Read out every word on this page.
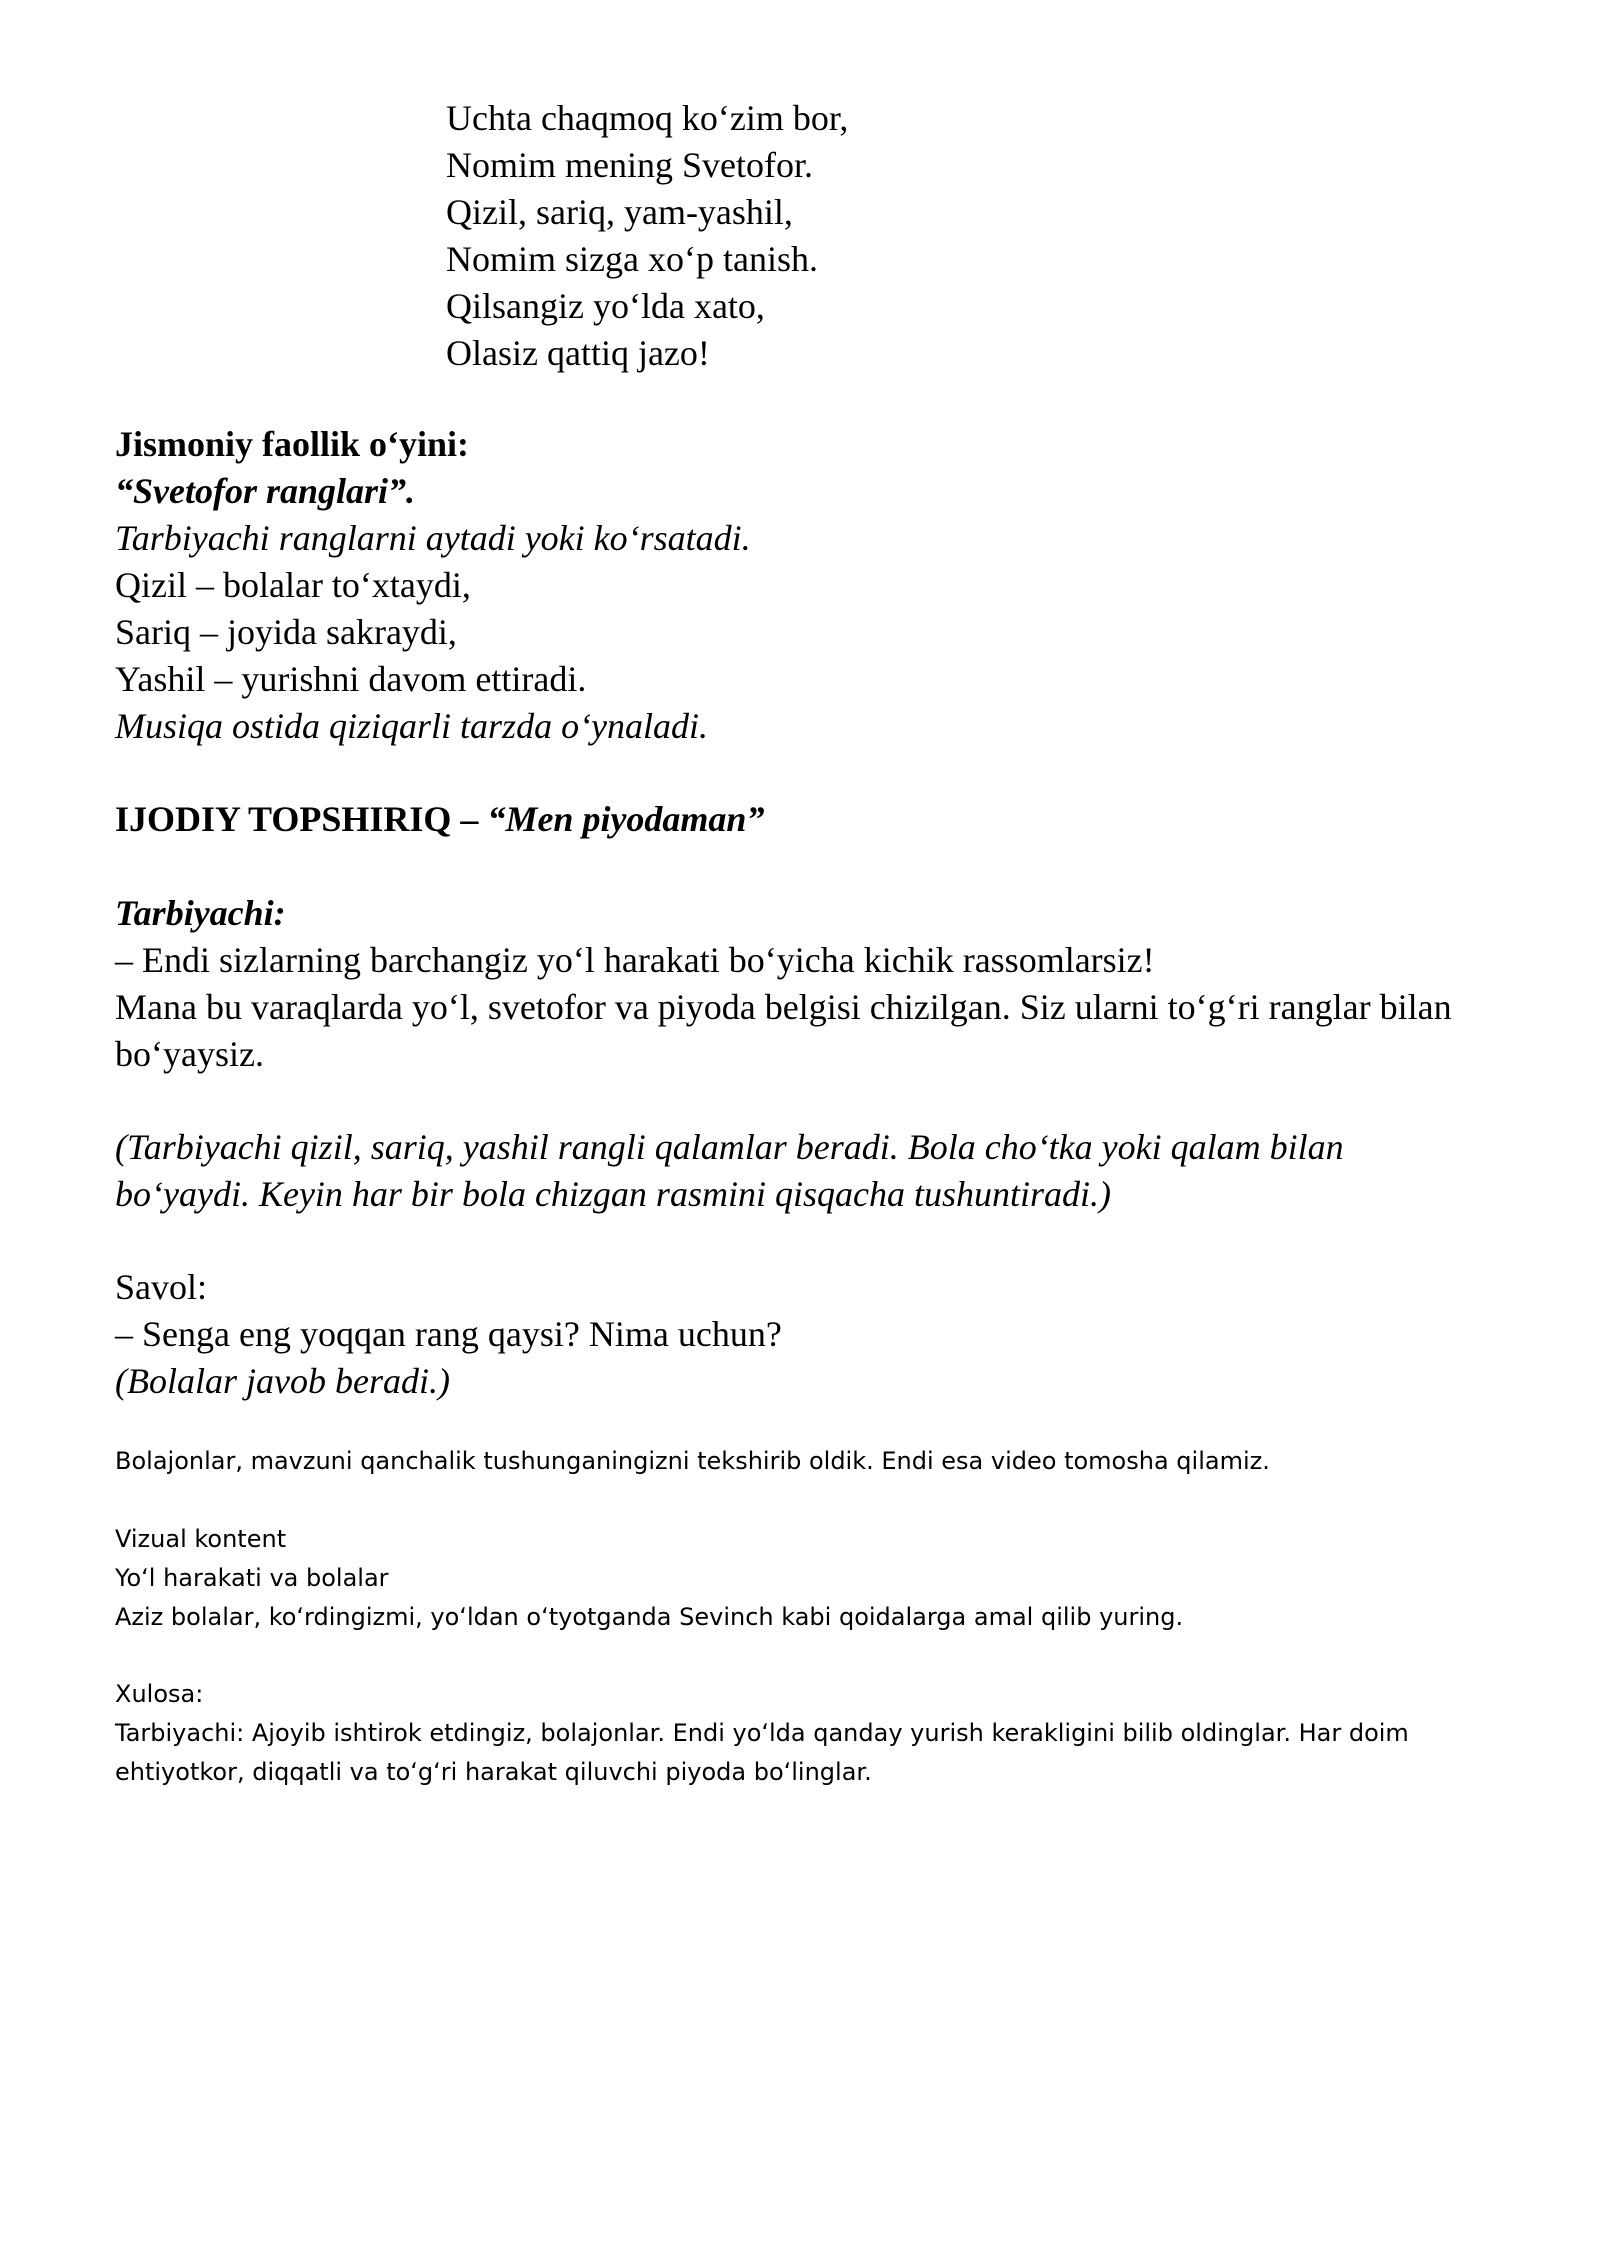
Uchta chaqmoq koʻzim bor,
Nomim mening Svetofor.
Qizil, sariq, yam-yashil,
Nomim sizga xoʻp tanish.
Qilsangiz yoʻlda xato,
Olasiz qattiq jazo!
Jismoniy faollik oʻyini:
“Svetofor ranglari”.
Tarbiyachi ranglarni aytadi yoki koʻrsatadi.
Qizil – bolalar toʻxtaydi,
Sariq – joyida sakraydi,
Yashil – yurishni davom ettiradi.
Musiqa ostida qiziqarli tarzda oʻynaladi.
IJODIY TOPSHIRIQ – “Men piyodaman”
Tarbiyachi:
– Endi sizlarning barchangiz yoʻl harakati boʻyicha kichik rassomlarsiz!
Mana bu varaqlarda yoʻl, svetofor va piyoda belgisi chizilgan. Siz ularni toʻgʻri ranglar bilan boʻyaysiz.
(Tarbiyachi qizil, sariq, yashil rangli qalamlar beradi. Bola choʻtka yoki qalam bilan boʻyaydi. Keyin har bir bola chizgan rasmini qisqacha tushuntiradi.)
Savol:
– Senga eng yoqqan rang qaysi? Nima uchun?
(Bolalar javob beradi.)
Bolajonlar, mavzuni qanchalik tushunganingizni tekshirib oldik. Endi esa video tomosha qilamiz.
Vizual kontent
Yoʻl harakati va bolalar
Aziz bolalar, koʻrdingizmi, yoʻldan oʻtyotganda Sevinch kabi qoidalarga amal qilib yuring.
Xulosa:
Tarbiyachi: Ajoyib ishtirok etdingiz, bolajonlar. Endi yoʻlda qanday yurish kerakligini bilib oldinglar. Har doim ehtiyotkor, diqqatli va toʻgʻri harakat qiluvchi piyoda boʻlinglar.
